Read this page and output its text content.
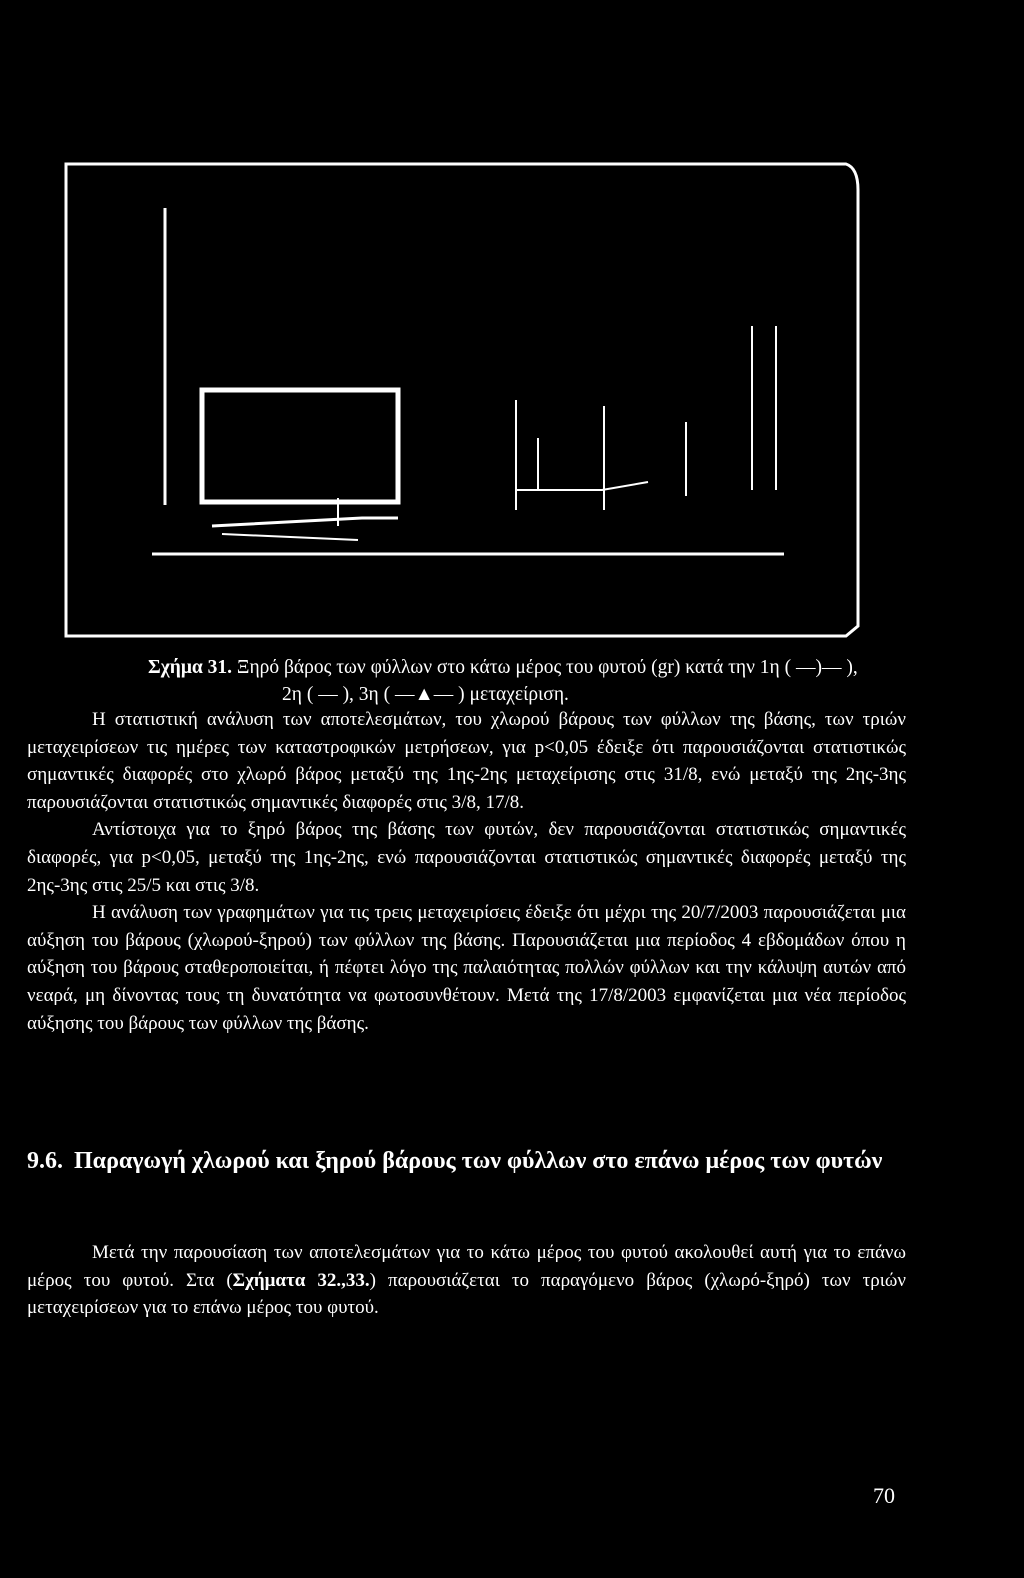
Σχήμα 31. Ξηρό βάρος των φύλλων στο κάτω μέρος του φυτού (gr) κατά την 1η ( —)— ),
2η ( — ), 3η ( —▲— ) μεταχείριση.

Η στατιστική ανάλυση των αποτελεσμάτων, του χλωρού βάρους των φύλλων της βάσης, των τριών μεταχειρίσεων τις ημέρες των καταστροφικών μετρήσεων, για p<0,05 έδειξε ότι παρουσιάζονται στατιστικώς σημαντικές διαφορές στο χλωρό βάρος μεταξύ της 1ης-2ης μεταχείρισης στις 31/8, ενώ μεταξύ της 2ης-3ης παρουσιάζονται στατιστικώς σημαντικές διαφορές στις 3/8, 17/8.

Αντίστοιχα για το ξηρό βάρος της βάσης των φυτών, δεν παρουσιάζονται στατιστικώς σημαντικές διαφορές, για p<0,05, μεταξύ της 1ης-2ης, ενώ παρουσιάζονται στατιστικώς σημαντικές διαφορές μεταξύ της 2ης-3ης στις 25/5 και στις 3/8.

Η ανάλυση των γραφημάτων για τις τρεις μεταχειρίσεις έδειξε ότι μέχρι της 20/7/2003 παρουσιάζεται μια αύξηση του βάρους (χλωρού-ξηρού) των φύλλων της βάσης. Παρουσιάζεται μια περίοδος 4 εβδομάδων όπου η αύξηση του βάρους σταθεροποιείται, ή πέφτει λόγο της παλαιότητας πολλών φύλλων και την κάλυψη αυτών από νεαρά, μη δίνοντας τους τη δυνατότητα να φωτοσυνθέτουν. Μετά της 17/8/2003 εμφανίζεται μια νέα περίοδος αύξησης του βάρους των φύλλων της βάσης.

9.6. Παραγωγή χλωρού και ξηρού βάρους των φύλλων στο επάνω μέρος των φυτών

Μετά την παρουσίαση των αποτελεσμάτων για το κάτω μέρος του φυτού ακολουθεί αυτή για το επάνω μέρος του φυτού. Στα (Σχήματα 32.,33.) παρουσιάζεται το παραγόμενο βάρος (χλωρό-ξηρό) των τριών μεταχειρίσεων για το επάνω μέρος του φυτού.

70
